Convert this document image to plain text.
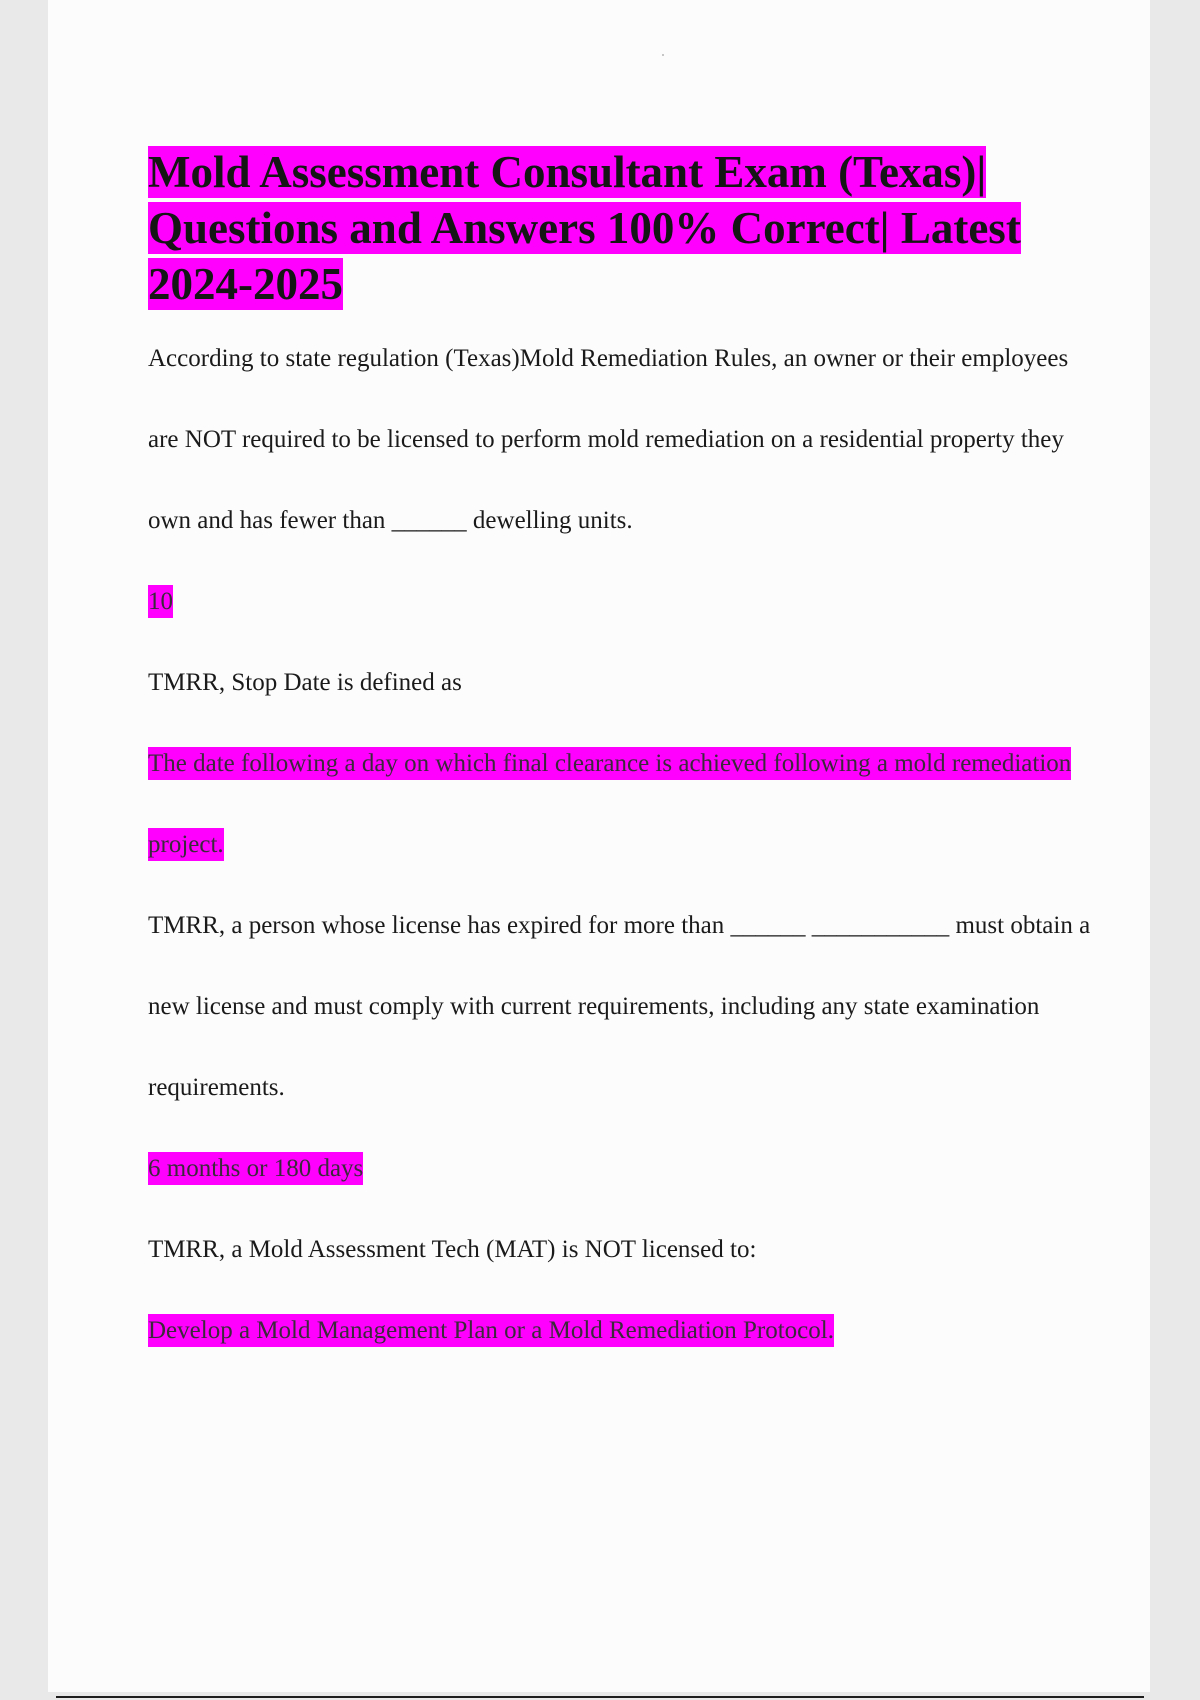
Mold Assessment Consultant Exam (Texas)| Questions and Answers 100% Correct| Latest 2024-2025

According to state regulation (Texas)Mold Remediation Rules, an owner or their employees are NOT required to be licensed to perform mold remediation on a residential property they own and has fewer than ______ dewelling units.

10

TMRR, Stop Date is defined as

The date following a day on which final clearance is achieved following a mold remediation project.

TMRR, a person whose license has expired for more than ______ ___________ must obtain a new license and must comply with current requirements, including any state examination requirements.

6 months or 180 days

TMRR, a Mold Assessment Tech (MAT) is NOT licensed to:

Develop a Mold Management Plan or a Mold Remediation Protocol.
